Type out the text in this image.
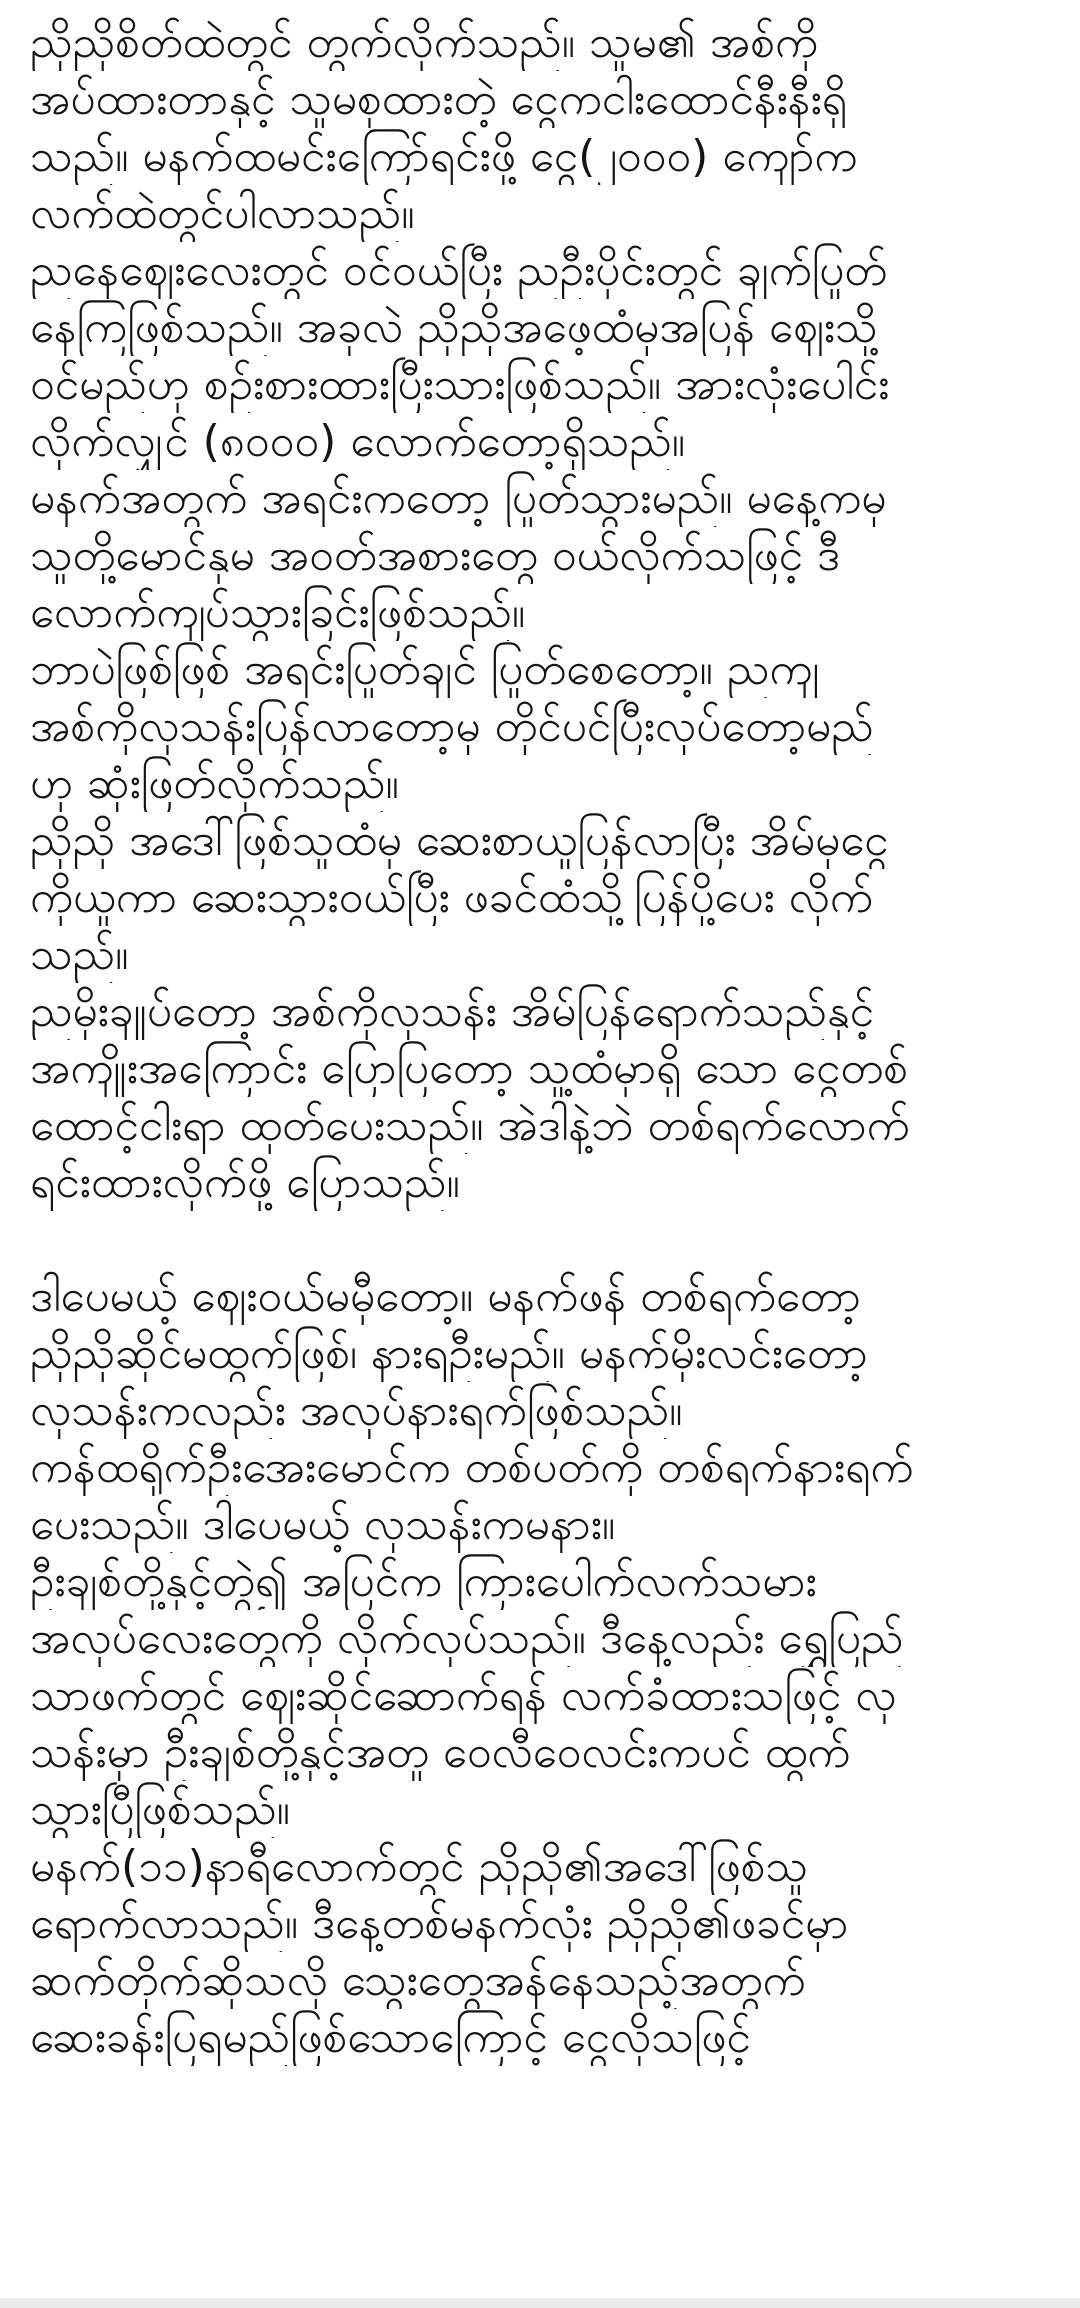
ညိုညိုစိတ်ထဲတွင် တွက်လိုက်သည်။ သူမ၏ အစ်ကို
အပ်ထားတာနှင့် သူမစုထားတဲ့ ငွေကငါးထောင်နီးနီးရှိ
သည်။ မနက်ထမင်းကြော်ရင်းဖို့ ငွေ(၂၀၀၀) ကျော်က
လက်ထဲတွင်ပါလာသည်။
ညနေဈေးလေးတွင် ဝင်ဝယ်ပြီး ညဦးပိုင်းတွင် ချက်ပြုတ်
နေကြဖြစ်သည်။ အခုလဲ ညိုညိုအဖေ့ထံမှအပြန် ဈေးသို့
ဝင်မည်ဟု စဉ်းစားထားပြီးသားဖြစ်သည်။ အားလုံးပေါင်း
လိုက်လျှင် (၈၀၀၀) လောက်တော့ရှိသည်။
မနက်အတွက် အရင်းကတော့ ပြုတ်သွားမည်။ မနေ့ကမှ
သူတို့မောင်နှမ အဝတ်အစားတွေ ဝယ်လိုက်သဖြင့် ဒီ
လောက်ကျပ်သွားခြင်းဖြစ်သည်။
ဘာပဲဖြစ်ဖြစ် အရင်းပြုတ်ချင် ပြုတ်စေတော့။ ညကျ
အစ်ကိုလှသန်းပြန်လာတော့မှ တိုင်ပင်ပြီးလုပ်တော့မည်
ဟု ဆုံးဖြတ်လိုက်သည်။
ညိုညို အဒေါ်ဖြစ်သူထံမှ ဆေးစာယူပြန်လာပြီး အိမ်မှငွေ
ကိုယူကာ ဆေးသွားဝယ်ပြီး ဖခင်ထံသို့ပြန်ပို့ပေး လိုက်
သည်။
ညမိုးချုပ်တော့ အစ်ကိုလှသန်း အိမ်ပြန်ရောက်သည်နှင့်
အကျိုးအကြောင်း ပြောပြတော့ သူ့ထံမှာရှိ သော ငွေတစ်
ထောင့်ငါးရာ ထုတ်ပေးသည်။ အဲဒါနဲ့ဘဲ တစ်ရက်လောက်
ရင်းထားလိုက်ဖို့ ပြောသည်။
ဒါပေမယ့် ဈေးဝယ်မမှီတော့။ မနက်ဖန် တစ်ရက်တော့
ညိုညိုဆိုင်မထွက်ဖြစ်၊ နားရဦးမည်။ မနက်မိုးလင်းတော့
လှသန်းကလည်း အလုပ်နားရက်ဖြစ်သည်။
ကန်ထရိုက်ဦးအေးမောင်က တစ်ပတ်ကို တစ်ရက်နားရက်
ပေးသည်။ ဒါပေမယ့် လှသန်းကမနား။
ဦးချစ်တို့နှင့်တွဲ၍ အပြင်က ကြားပေါက်လက်သမား
အလုပ်လေးတွေကို လိုက်လုပ်သည်။ ဒီနေ့လည်း ရွှေပြည်
သာဖက်တွင် ဈေးဆိုင်ဆောက်ရန် လက်ခံထားသဖြင့် လှ
သန်းမှာ ဦးချစ်တို့နှင့်အတူ ဝေလီဝေလင်းကပင် ထွက်
သွားပြီဖြစ်သည်။
မနက်(၁၁)နာရီလောက်တွင် ညိုညို၏အဒေါ်ဖြစ်သူ
ရောက်လာသည်။ ဒီနေ့တစ်မနက်လုံး ညိုညို၏ဖခင်မှာ
ဆက်တိုက်ဆိုသလို သွေးတွေအန်နေသည့်အတွက်
ဆေးခန်းပြရမည်ဖြစ်သောကြောင့် ငွေလိုသဖြင့်
